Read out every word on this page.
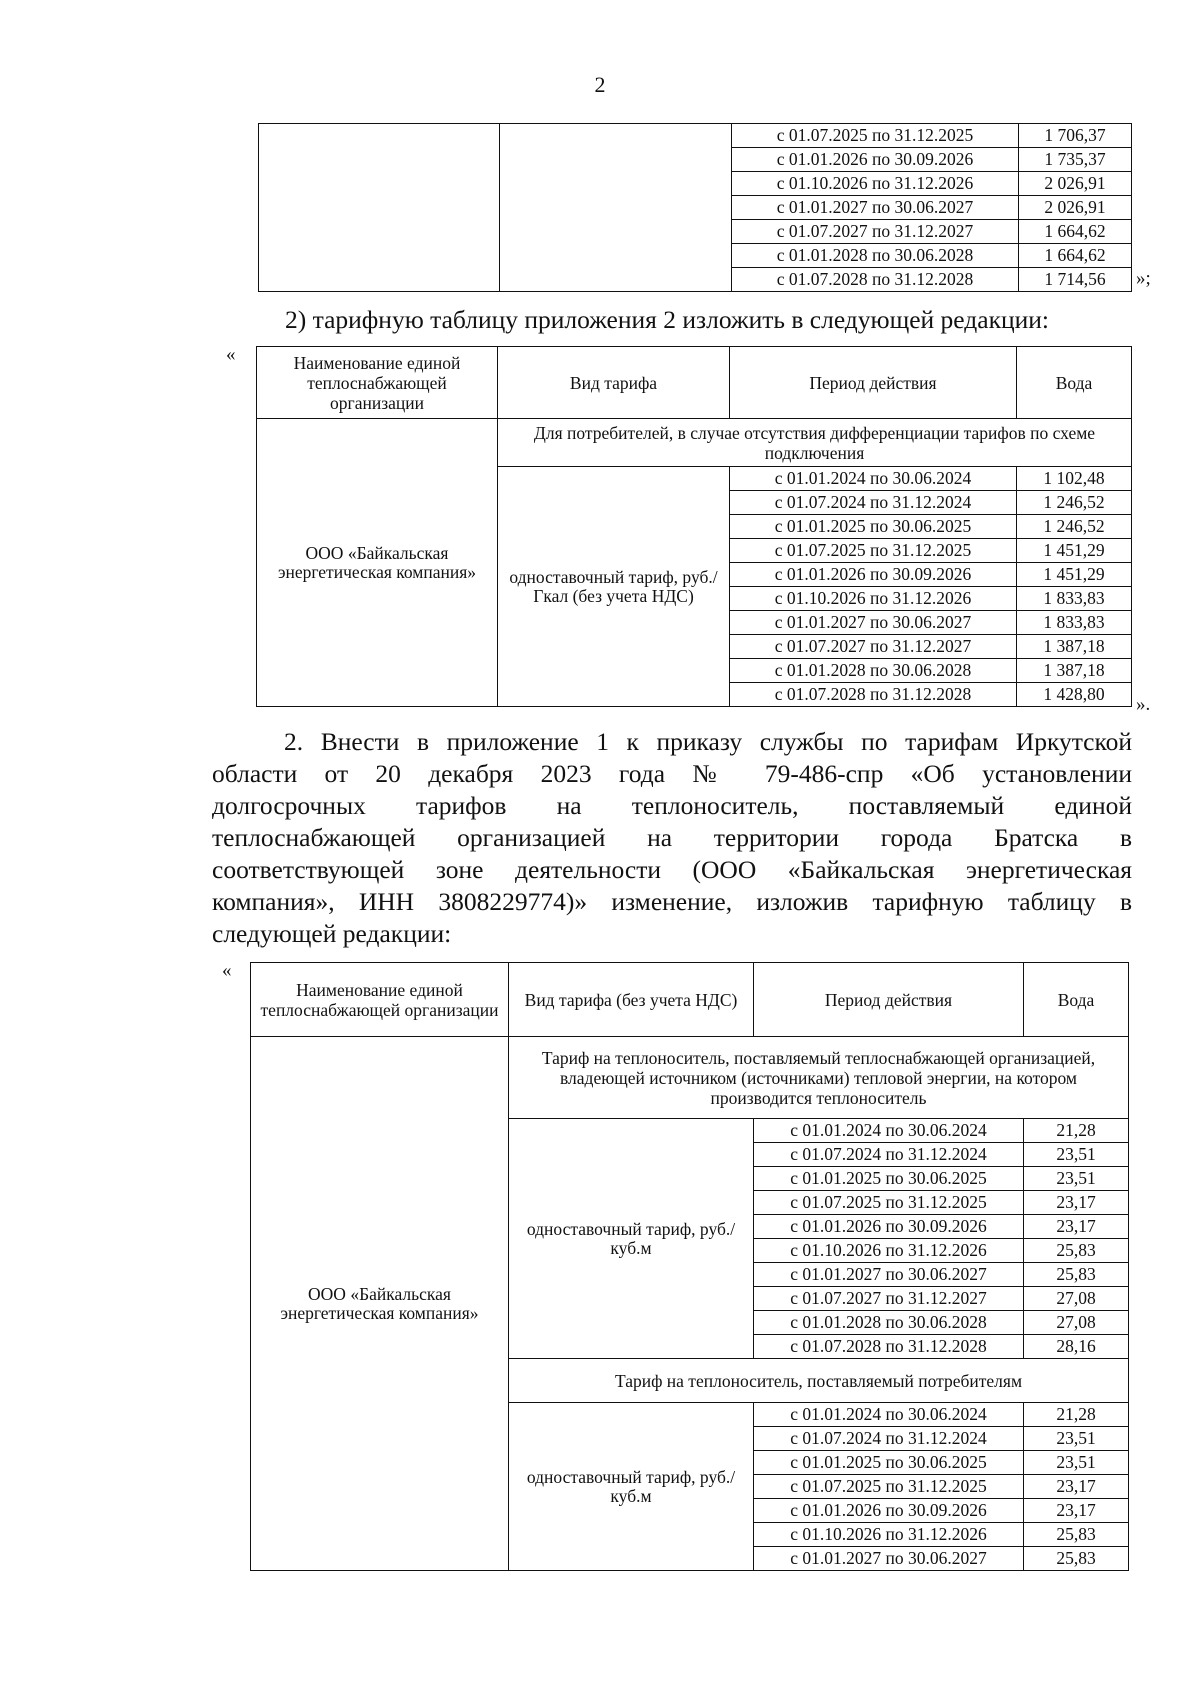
2
		с 01.07.2025 по 31.12.2025	1 706,37
		с 01.01.2026 по 30.09.2026	1 735,37
		с 01.10.2026 по 31.12.2026	2 026,91
		с 01.01.2027 по 30.06.2027	2 026,91
		с 01.07.2027 по 31.12.2027	1 664,62
		с 01.01.2028 по 30.06.2028	1 664,62
		с 01.07.2028 по 31.12.2028	1 714,56 »;
2) тарифную таблицу приложения 2 изложить в следующей редакции:
«	Наименование единой теплоснабжающей организации	Вид тарифа	Период действия	Вода
ООО «Байкальская энергетическая компания»	Для потребителей, в случае отсутствия дифференциации тарифов по схеме подключения		
	одноставочный тариф, руб./Гкал (без учета НДС)	с 01.01.2024 по 30.06.2024	1 102,48
		с 01.07.2024 по 31.12.2024	1 246,52
		с 01.01.2025 по 30.06.2025	1 246,52
		с 01.07.2025 по 31.12.2025	1 451,29
		с 01.01.2026 по 30.09.2026	1 451,29
		с 01.10.2026 по 31.12.2026	1 833,83
		с 01.01.2027 по 30.06.2027	1 833,83
		с 01.07.2027 по 31.12.2027	1 387,18
		с 01.01.2028 по 30.06.2028	1 387,18
		с 01.07.2028 по 31.12.2028	1 428,80 ».
2. Внести в приложение 1 к приказу службы по тарифам Иркутской
области от 20 декабря 2023 года № 79-486-спр «Об установлении
долгосрочных тарифов на теплоноситель, поставляемый единой
теплоснабжающей организацией на территории города Братска в
соответствующей зоне деятельности (ООО «Байкальская энергетическая
компания», ИНН 3808229774)» изменение, изложив тарифную таблицу в
следующей редакции:
«
Наименование единой теплоснабжающей организации	Вид тарифа (без учета НДС)	Период действия	Вода
ООО «Байкальская энергетическая компания»	Тариф на теплоноситель, поставляемый теплоснабжающей организацией, владеющей источником (источниками) тепловой энергии, на котором производится теплоноситель		
	одноставочный тариф, руб./куб.м	с 01.01.2024 по 30.06.2024	21,28
		с 01.07.2024 по 31.12.2024	23,51
		с 01.01.2025 по 30.06.2025	23,51
		с 01.07.2025 по 31.12.2025	23,17
		с 01.01.2026 по 30.09.2026	23,17
		с 01.10.2026 по 31.12.2026	25,83
		с 01.01.2027 по 30.06.2027	25,83
		с 01.07.2027 по 31.12.2027	27,08
		с 01.01.2028 по 30.06.2028	27,08
		с 01.07.2028 по 31.12.2028	28,16
	Тариф на теплоноситель, поставляемый потребителям		
	одноставочный тариф, руб./куб.м	с 01.01.2024 по 30.06.2024	21,28
		с 01.07.2024 по 31.12.2024	23,51
		с 01.01.2025 по 30.06.2025	23,51
		с 01.07.2025 по 31.12.2025	23,17
		с 01.01.2026 по 30.09.2026	23,17
		с 01.10.2026 по 31.12.2026	25,83
		с 01.01.2027 по 30.06.2027	25,83
